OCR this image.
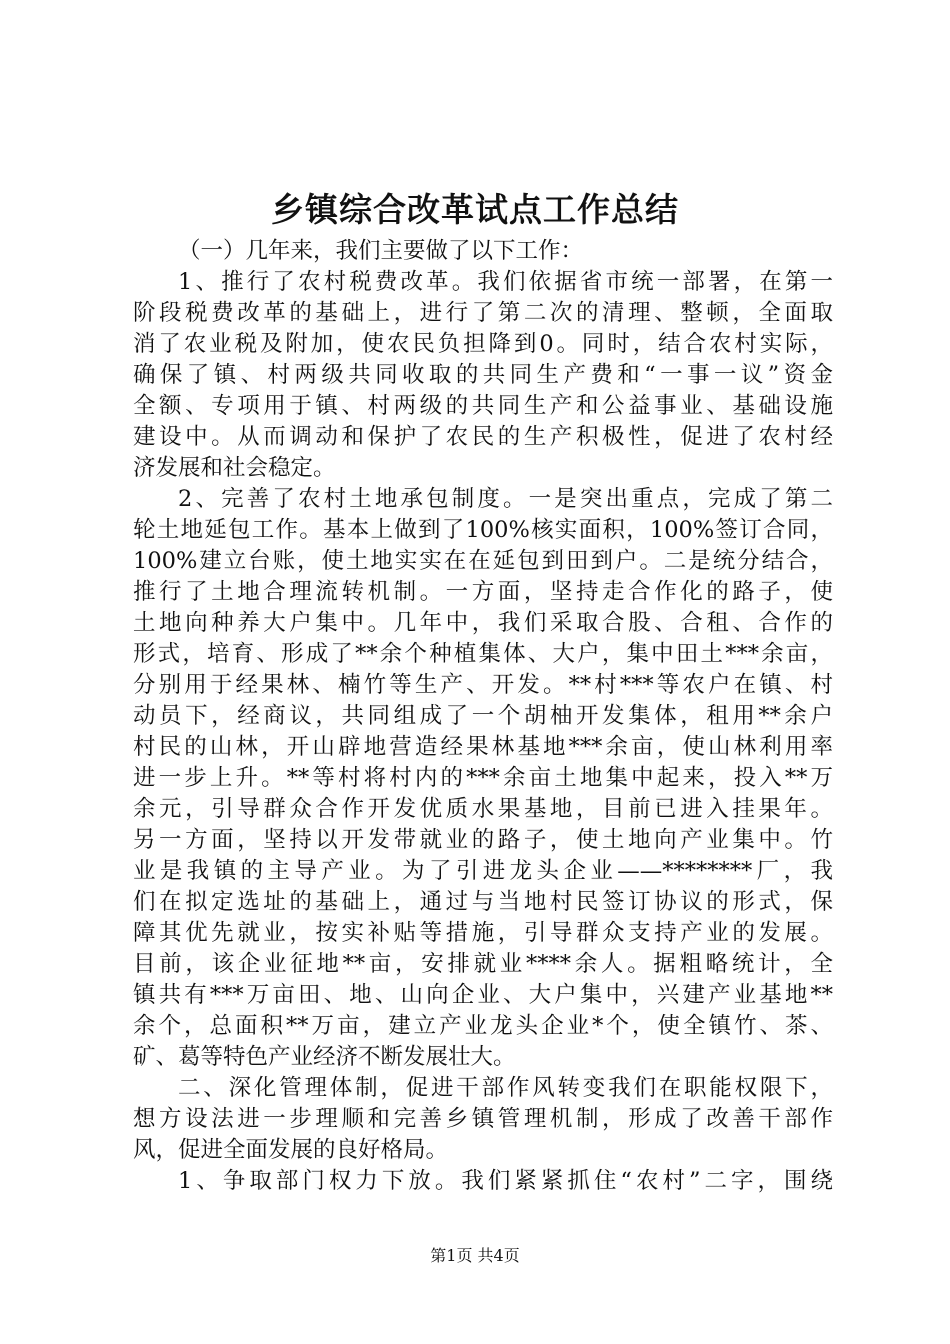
乡镇综合改革试点工作总结
（一）几年来，我们主要做了以下工作：
1、推行了农村税费改革。我们依据省市统一部署，在第一
阶段税费改革的基础上，进行了第二次的清理、整顿，全面取
消了农业税及附加，使农民负担降到0。同时，结合农村实际，
确保了镇、村两级共同收取的共同生产费和“一事一议”资金
全额、专项用于镇、村两级的共同生产和公益事业、基础设施
建设中。从而调动和保护了农民的生产积极性，促进了农村经
济发展和社会稳定。
2、完善了农村土地承包制度。一是突出重点，完成了第二
轮土地延包工作。基本上做到了100%核实面积，100%签订合同，
100%建立台账，使土地实实在在延包到田到户。二是统分结合，
推行了土地合理流转机制。一方面，坚持走合作化的路子，使
土地向种养大户集中。几年中，我们采取合股、合租、合作的
形式，培育、形成了**余个种植集体、大户，集中田土***余亩，
分别用于经果林、楠竹等生产、开发。**村***等农户在镇、村
动员下，经商议，共同组成了一个胡柚开发集体，租用**余户
村民的山林，开山辟地营造经果林基地***余亩，使山林利用率
进一步上升。**等村将村内的***余亩土地集中起来，投入**万
余元，引导群众合作开发优质水果基地，目前已进入挂果年。
另一方面，坚持以开发带就业的路子，使土地向产业集中。竹
业是我镇的主导产业。为了引进龙头企业——********厂，我
们在拟定选址的基础上，通过与当地村民签订协议的形式，保
障其优先就业，按实补贴等措施，引导群众支持产业的发展。
目前，该企业征地**亩，安排就业****余人。据粗略统计，全
镇共有***万亩田、地、山向企业、大户集中，兴建产业基地**
余个，总面积**万亩，建立产业龙头企业*个，使全镇竹、茶、
矿、葛等特色产业经济不断发展壮大。
二、深化管理体制，促进干部作风转变我们在职能权限下，
想方设法进一步理顺和完善乡镇管理机制，形成了改善干部作
风，促进全面发展的良好格局。
1、争取部门权力下放。我们紧紧抓住“农村”二字，围绕
第1页 共4页
